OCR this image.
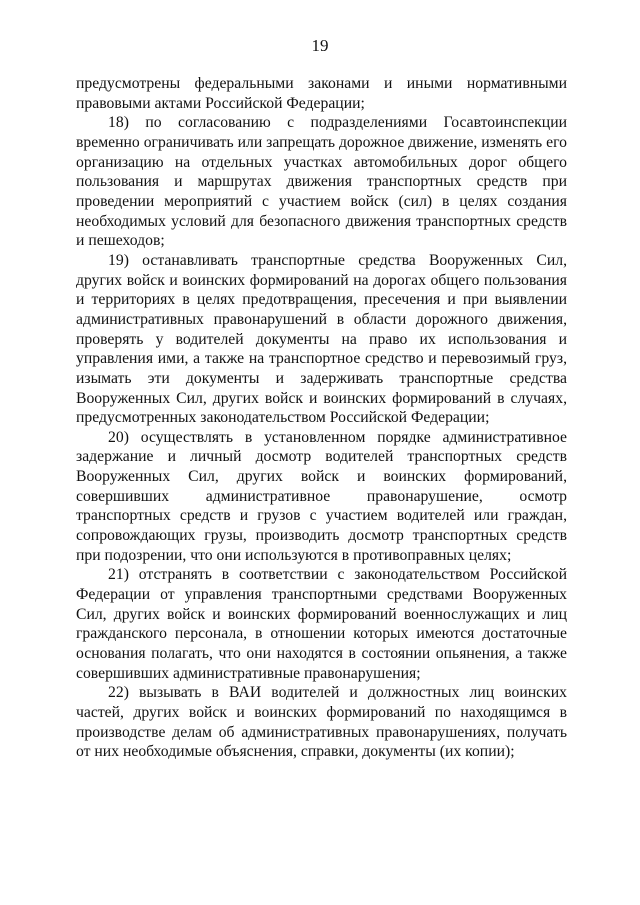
19

предусмотрены федеральными законами и иными нормативными правовыми актами Российской Федерации;

18) по согласованию с подразделениями Госавтоинспекции временно ограничивать или запрещать дорожное движение, изменять его организацию на отдельных участках автомобильных дорог общего пользования и маршрутах движения транспортных средств при проведении мероприятий с участием войск (сил) в целях создания необходимых условий для безопасного движения транспортных средств и пешеходов;

19) останавливать транспортные средства Вооруженных Сил, других войск и воинских формирований на дорогах общего пользования и территориях в целях предотвращения, пресечения и при выявлении административных правонарушений в области дорожного движения, проверять у водителей документы на право их использования и управления ими, а также на транспортное средство и перевозимый груз, изымать эти документы и задерживать транспортные средства Вооруженных Сил, других войск и воинских формирований в случаях, предусмотренных законодательством Российской Федерации;

20) осуществлять в установленном порядке административное задержание и личный досмотр водителей транспортных средств Вооруженных Сил, других войск и воинских формирований, совершивших административное правонарушение, осмотр транспортных средств и грузов с участием водителей или граждан, сопровождающих грузы, производить досмотр транспортных средств при подозрении, что они используются в противоправных целях;

21) отстранять в соответствии с законодательством Российской Федерации от управления транспортными средствами Вооруженных Сил, других войск и воинских формирований военнослужащих и лиц гражданского персонала, в отношении которых имеются достаточные основания полагать, что они находятся в состоянии опьянения, а также совершивших административные правонарушения;

22) вызывать в ВАИ водителей и должностных лиц воинских частей, других войск и воинских формирований по находящимся в производстве делам об административных правонарушениях, получать от них необходимые объяснения, справки, документы (их копии);
